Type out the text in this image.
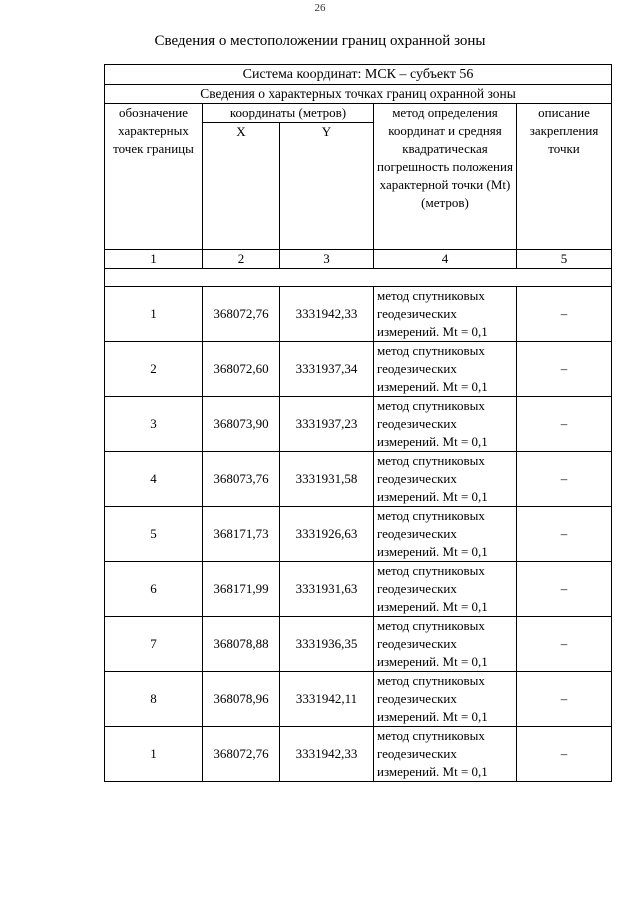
26
Сведения о местоположении границ охранной зоны
Система координат: МСК – субъект 56				
Сведения о характерных точках границ охранной зоны				

обозначение характерных точек границы	координаты (метров)		метод определения координат и средняя квадратическая погрешность положения характерной точки (Mt) (метров)	описание закрепления точки

	X	Y		
1	2	3	4	5

1	368072,76	3331942,33	метод спутниковых геодезических измерений. Mt = 0,1	–
2	368072,60	3331937,34	метод спутниковых геодезических измерений. Mt = 0,1	–
3	368073,90	3331937,23	метод спутниковых геодезических измерений. Mt = 0,1	–
4	368073,76	3331931,58	метод спутниковых геодезических измерений. Mt = 0,1	–
5	368171,73	3331926,63	метод спутниковых геодезических измерений. Mt = 0,1	–
6	368171,99	3331931,63	метод спутниковых геодезических измерений. Mt = 0,1	–
7	368078,88	3331936,35	метод спутниковых геодезических измерений. Mt = 0,1	–
8	368078,96	3331942,11	метод спутниковых геодезических измерений. Mt = 0,1	–
1	368072,76	3331942,33	метод спутниковых геодезических измерений. Mt = 0,1	–
